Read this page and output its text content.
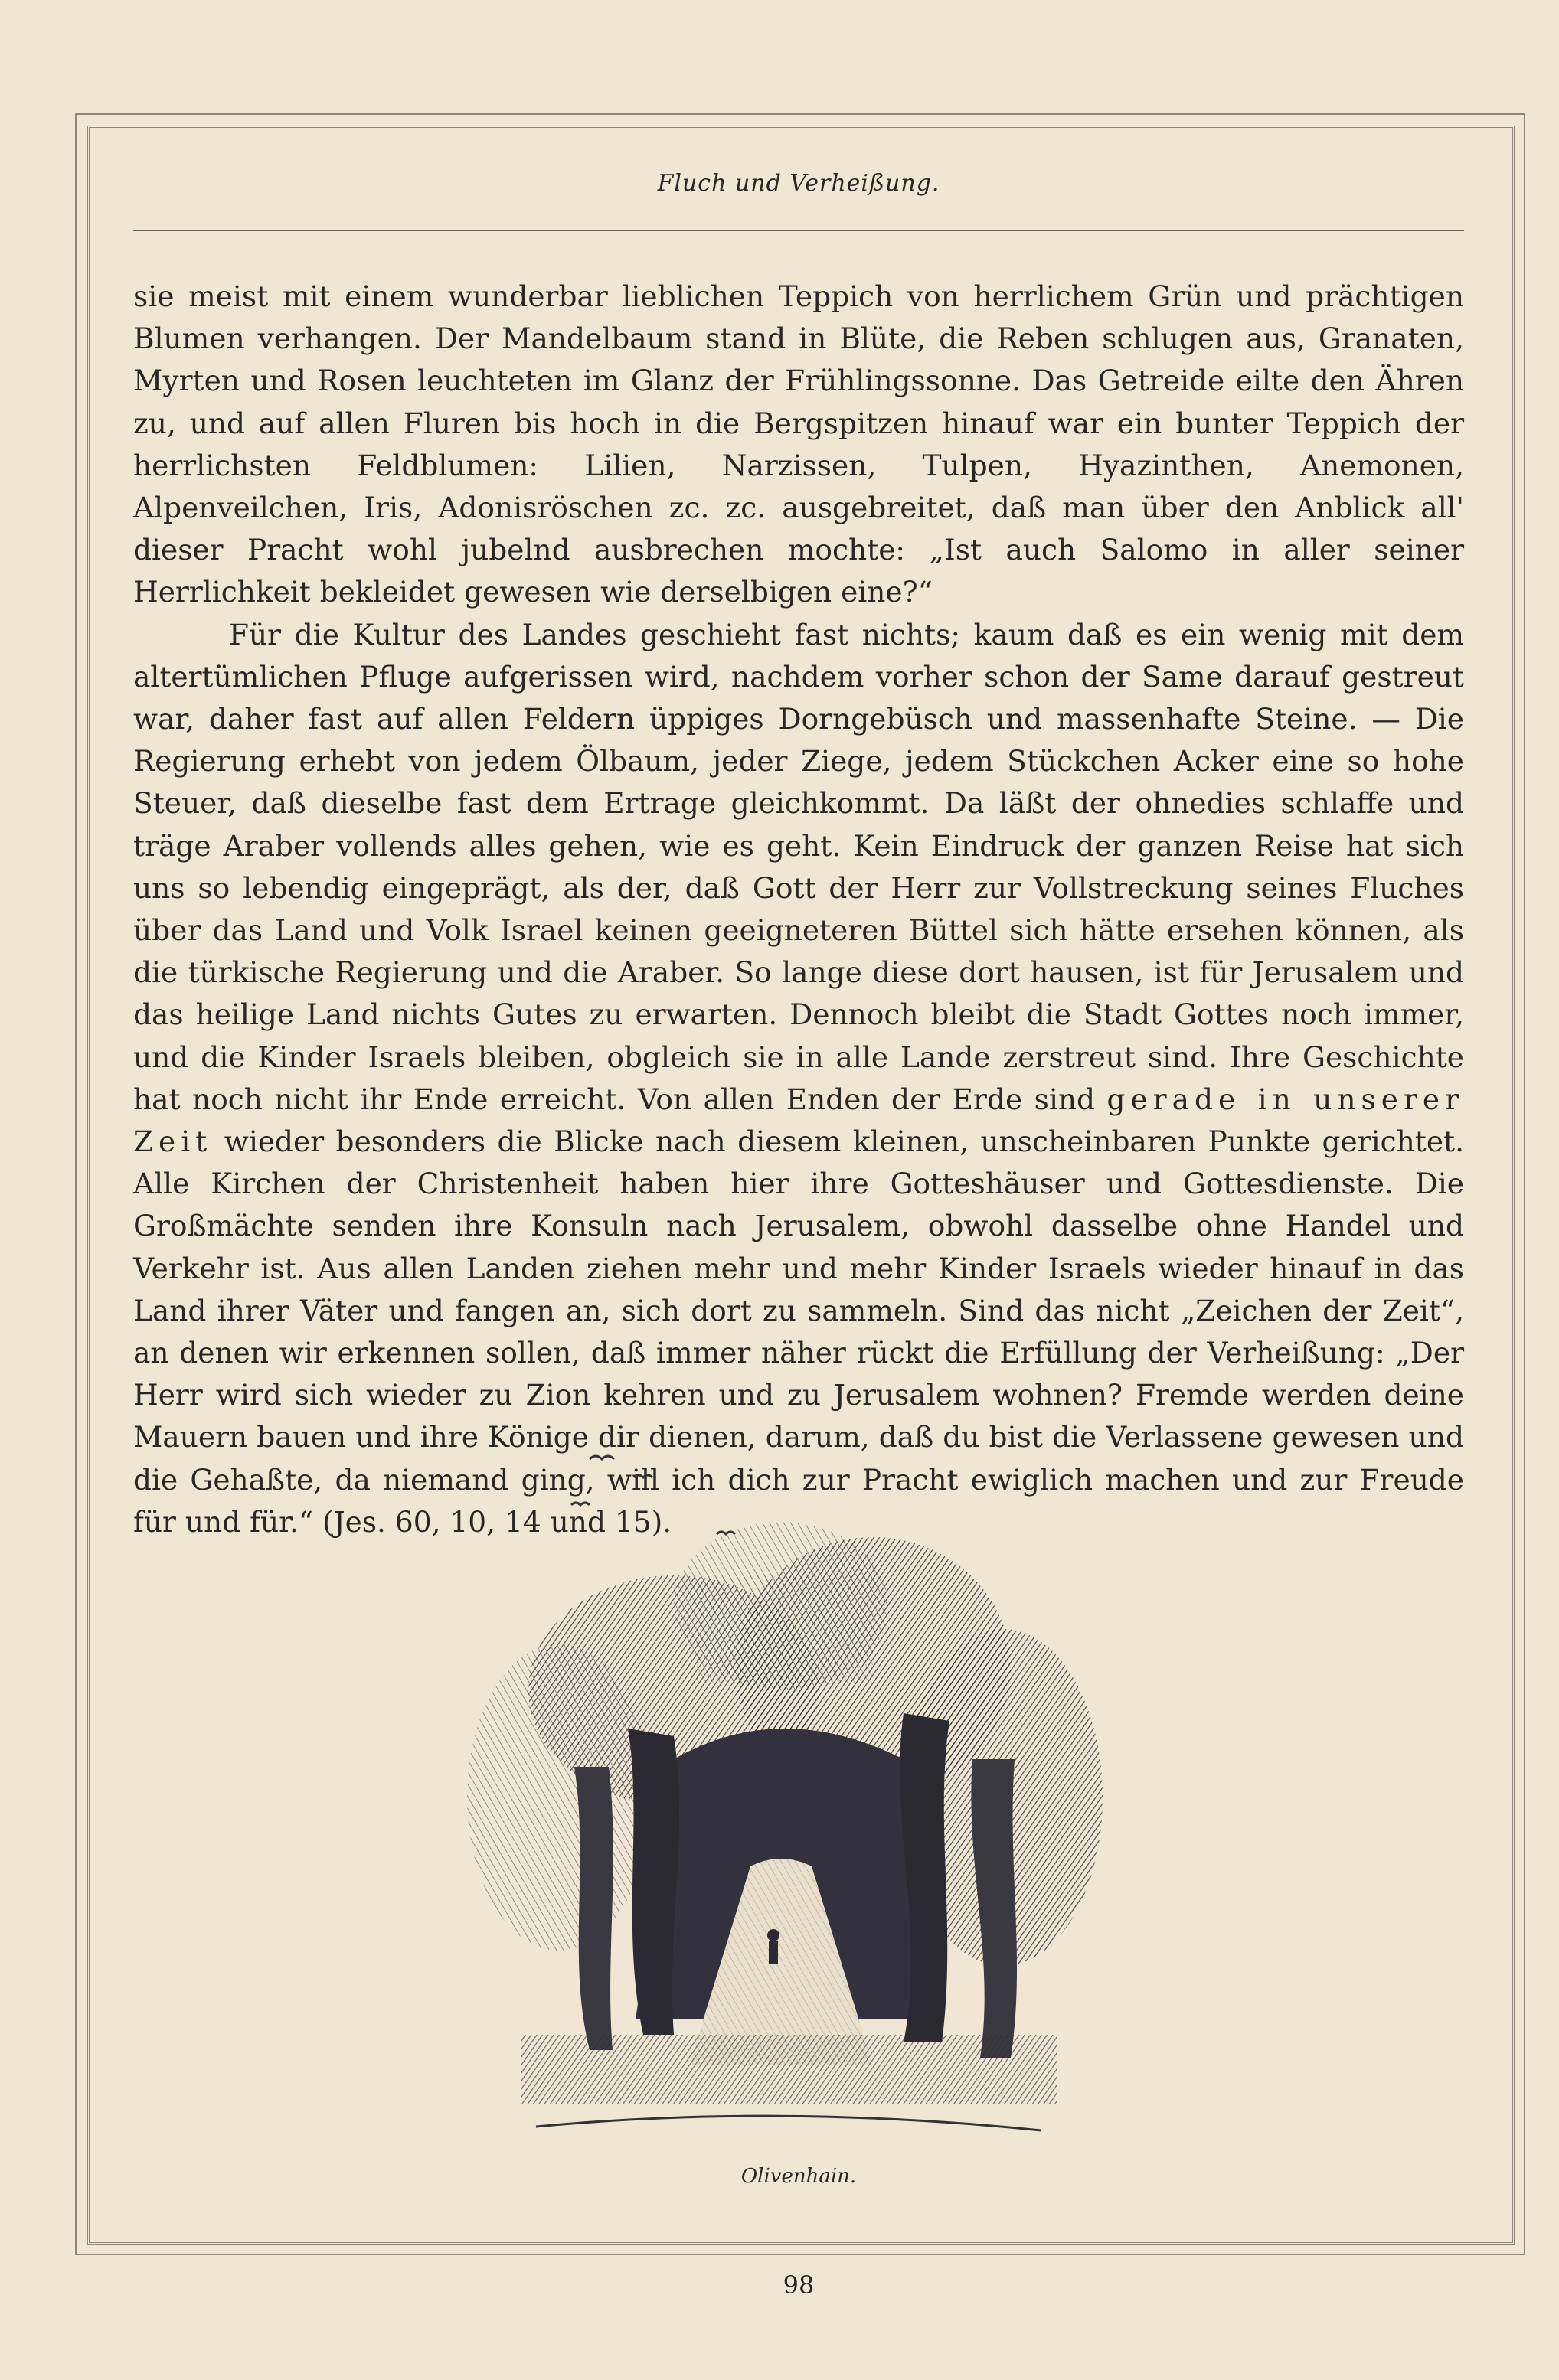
Fluch und Verheißung.

sie meist mit einem wunderbar lieblichen Teppich von herrlichem Grün und prächtigen Blumen verhangen. Der Mandelbaum stand in Blüte, die Reben schlugen aus, Granaten, Myrten und Rosen leuchteten im Glanz der Frühlingssonne. Das Getreide eilte den Ähren zu, und auf allen Fluren bis hoch in die Bergspitzen hinauf war ein bunter Teppich der herrlichsten Feldblumen: Lilien, Narzissen, Tulpen, Hyazinthen, Anemonen, Alpenveilchen, Iris, Adonisröschen zc. zc. ausgebreitet, daß man über den Anblick all' dieser Pracht wohl jubelnd ausbrechen mochte: „Ist auch Salomo in aller seiner Herrlichkeit bekleidet gewesen wie derselbigen eine?“

Für die Kultur des Landes geschieht fast nichts; kaum daß es ein wenig mit dem altertümlichen Pfluge aufgerissen wird, nachdem vorher schon der Same darauf gestreut war, daher fast auf allen Feldern üppiges Dorngebüsch und massenhafte Steine. — Die Regierung erhebt von jedem Ölbaum, jeder Ziege, jedem Stückchen Acker eine so hohe Steuer, daß dieselbe fast dem Ertrage gleichkommt. Da läßt der ohnedies schlaffe und träge Araber vollends alles gehen, wie es geht. Kein Eindruck der ganzen Reise hat sich uns so lebendig eingeprägt, als der, daß Gott der Herr zur Vollstreckung seines Fluches über das Land und Volk Israel keinen geeigneteren Büttel sich hätte ersehen können, als die türkische Regierung und die Araber. So lange diese dort hausen, ist für Jerusalem und das heilige Land nichts Gutes zu erwarten. Dennoch bleibt die Stadt Gottes noch immer, und die Kinder Israels bleiben, obgleich sie in alle Lande zerstreut sind. Ihre Geschichte hat noch nicht ihr Ende erreicht. Von allen Enden der Erde sind gerade in unserer Zeit wieder besonders die Blicke nach diesem kleinen, unscheinbaren Punkte gerichtet. Alle Kirchen der Christenheit haben hier ihre Gotteshäuser und Gottesdienste. Die Großmächte senden ihre Konsuln nach Jerusalem, obwohl dasselbe ohne Handel und Verkehr ist. Aus allen Landen ziehen mehr und mehr Kinder Israels wieder hinauf in das Land ihrer Väter und fangen an, sich dort zu sammeln. Sind das nicht „Zeichen der Zeit“, an denen wir erkennen sollen, daß immer näher rückt die Erfüllung der Verheißung: „Der Herr wird sich wieder zu Zion kehren und zu Jerusalem wohnen? Fremde werden deine Mauern bauen und ihre Könige dir dienen, darum, daß du bist die Verlassene gewesen und die Gehaßte, da niemand ging, will ich dich zur Pracht ewiglich machen und zur Freude für und für.“ (Jes. 60, 10, 14 und 15).

Olivenhain.
98
